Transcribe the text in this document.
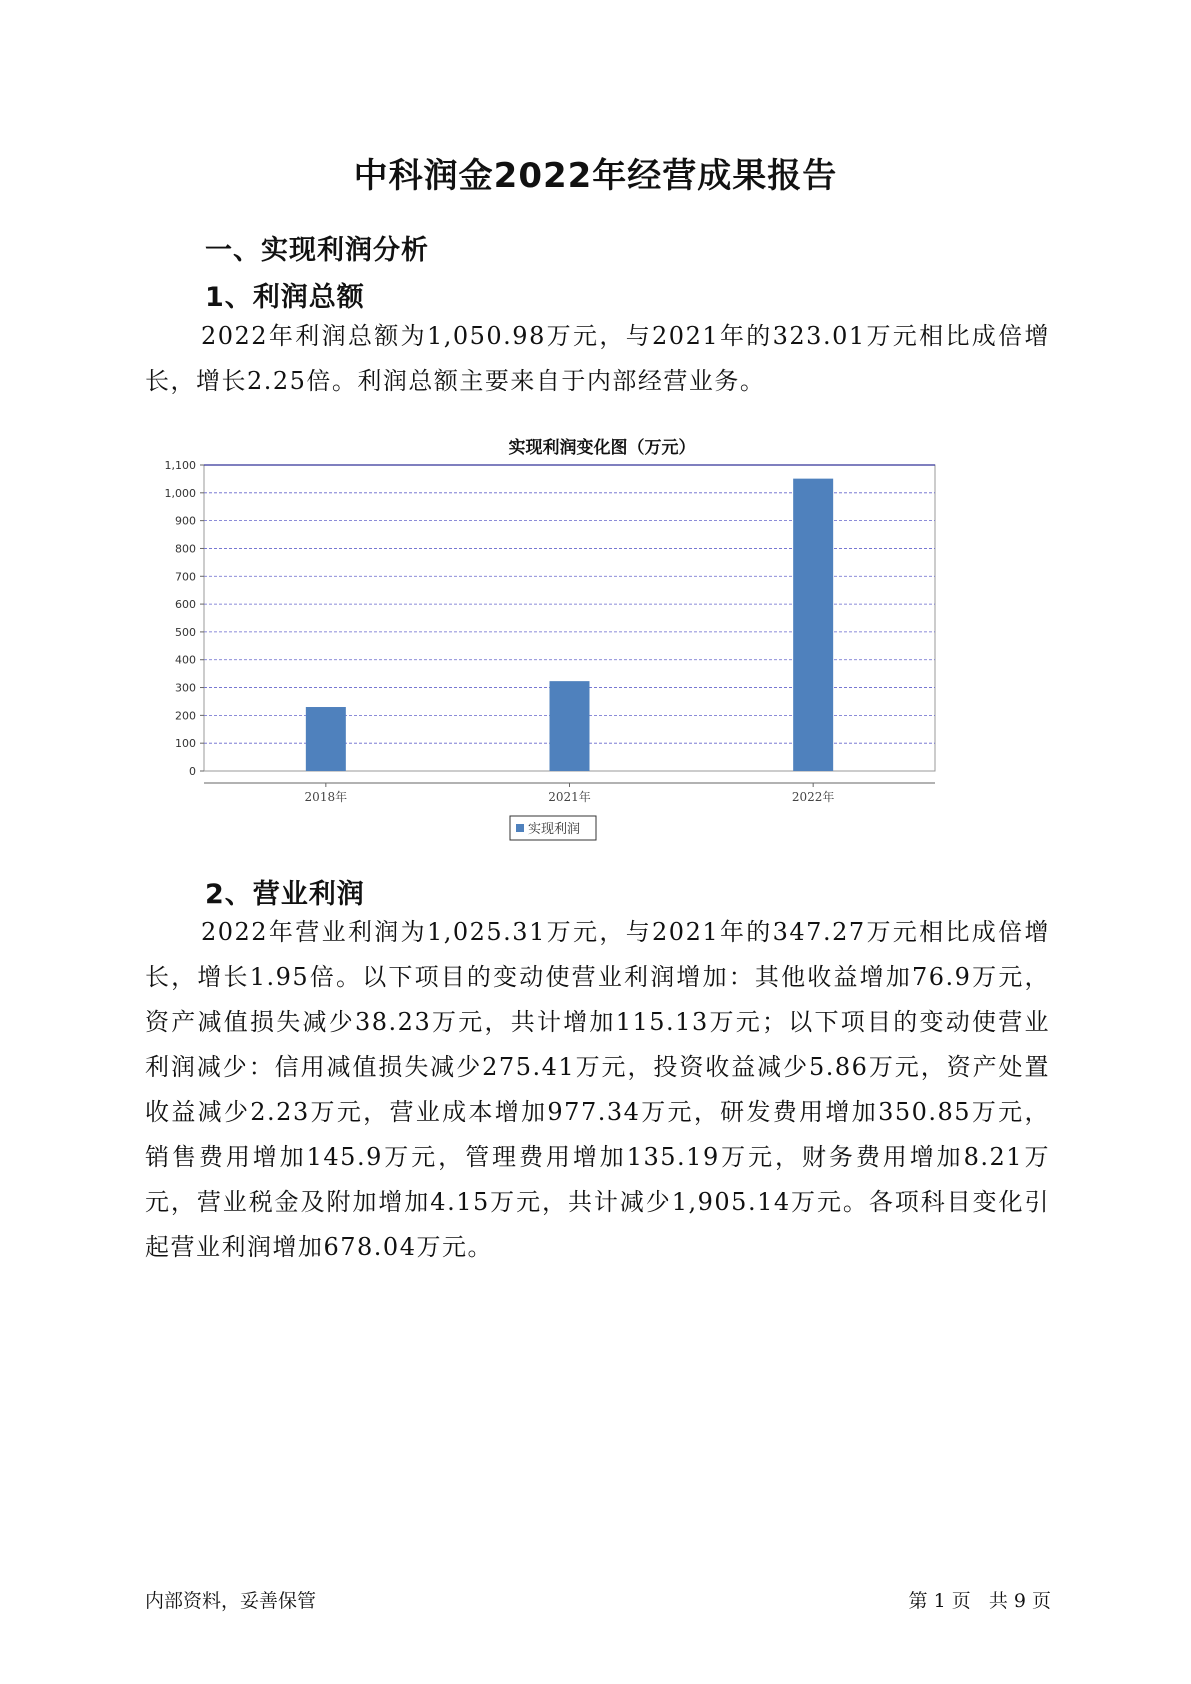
中科润金2022年经营成果报告
一、实现利润分析
1、利润总额

2022年利润总额为1,050.98万元，与2021年的323.01万元相比成倍增长，增长2.25倍。利润总额主要来自于内部经营业务。

实现利润变化图（万元）
0
100
200
300
400
500
600
700
800
900
1,000
1,100
2018年	2021年	2022年
实现利润
2、营业利润

2022年营业利润为1,025.31万元，与2021年的347.27万元相比成倍增长，增长1.95倍。以下项目的变动使营业利润增加：其他收益增加76.9万元，资产减值损失减少38.23万元，共计增加115.13万元；以下项目的变动使营业利润减少：信用减值损失减少275.41万元，投资收益减少5.86万元，资产处置收益减少2.23万元，营业成本增加977.34万元，研发费用增加350.85万元，销售费用增加145.9万元，管理费用增加135.19万元，财务费用增加8.21万元，营业税金及附加增加4.15万元，共计减少1,905.14万元。各项科目变化引起营业利润增加678.04万元。

内部资料，妥善保管	第 1 页   共 9 页
